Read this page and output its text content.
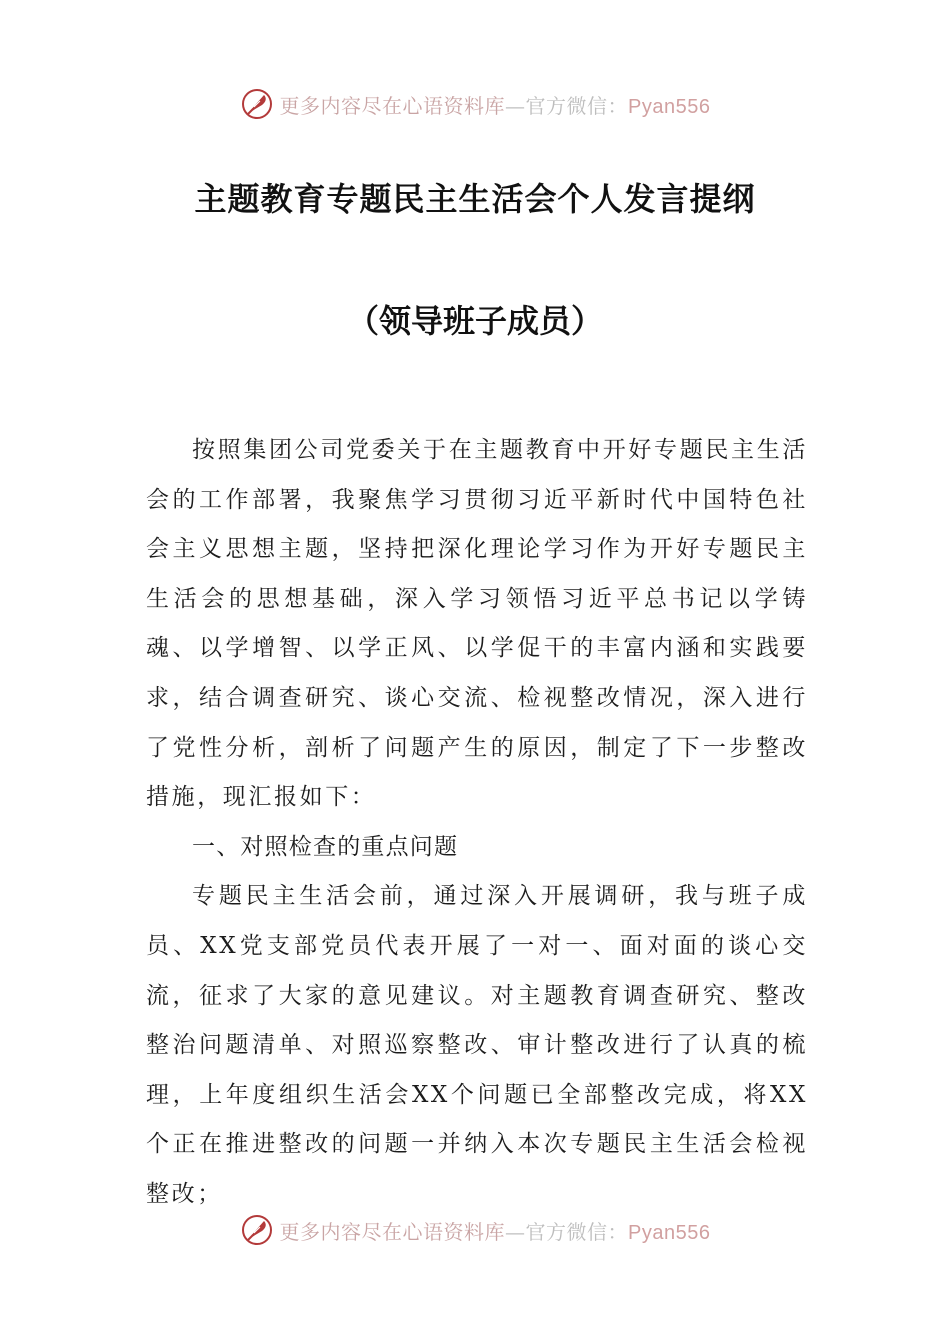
更多内容尽在心语资料库—官方微信：Pyan556
主题教育专题民主生活会个人发言提纲
（领导班子成员）

按照集团公司党委关于在主题教育中开好专题民主生活会的工作部署，我聚焦学习贯彻习近平新时代中国特色社会主义思想主题，坚持把深化理论学习作为开好专题民主生活会的思想基础，深入学习领悟习近平总书记以学铸魂、以学增智、以学正风、以学促干的丰富内涵和实践要求，结合调查研究、谈心交流、检视整改情况，深入进行了党性分析，剖析了问题产生的原因，制定了下一步整改措施，现汇报如下：

一、对照检查的重点问题

专题民主生活会前，通过深入开展调研，我与班子成员、XX党支部党员代表开展了一对一、面对面的谈心交流，征求了大家的意见建议。对主题教育调查研究、整改整治问题清单、对照巡察整改、审计整改进行了认真的梳理，上年度组织生活会XX个问题已全部整改完成，将XX个正在推进整改的问题一并纳入本次专题民主生活会检视整改；

更多内容尽在心语资料库—官方微信：Pyan556
